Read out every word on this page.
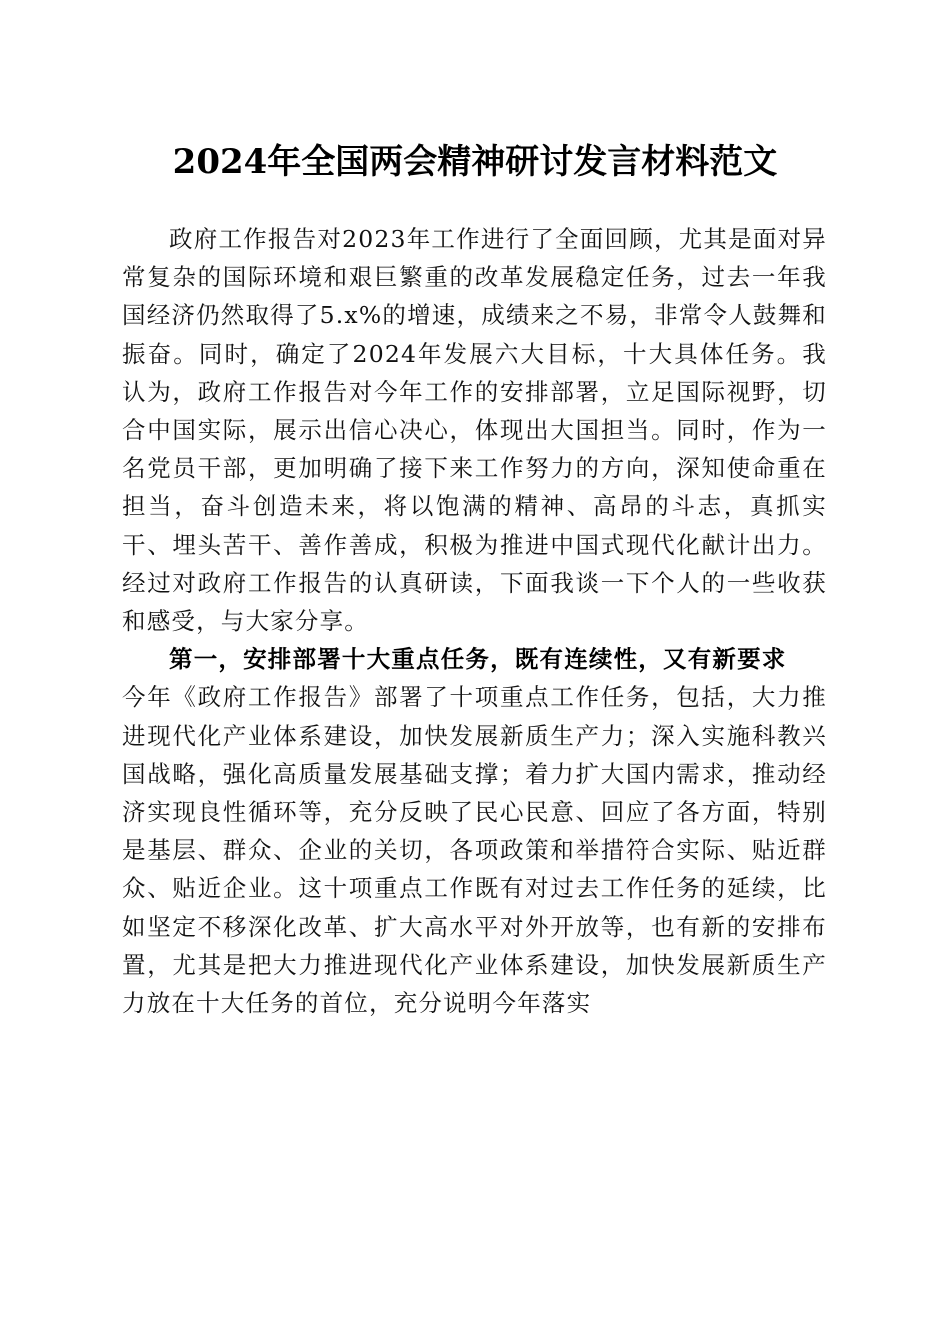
2024年全国两会精神研讨发言材料范文

政府工作报告对2023年工作进行了全面回顾，尤其是面对异常复杂的国际环境和艰巨繁重的改革发展稳定任务，过去一年我国经济仍然取得了5.x%的增速，成绩来之不易，非常令人鼓舞和振奋。同时，确定了2024年发展六大目标，十大具体任务。我认为，政府工作报告对今年工作的安排部署，立足国际视野，切合中国实际，展示出信心决心，体现出大国担当。同时，作为一名党员干部，更加明确了接下来工作努力的方向，深知使命重在担当，奋斗创造未来，将以饱满的精神、高昂的斗志，真抓实干、埋头苦干、善作善成，积极为推进中国式现代化献计出力。经过对政府工作报告的认真研读，下面我谈一下个人的一些收获和感受，与大家分享。

第一，安排部署十大重点任务，既有连续性，又有新要求

今年《政府工作报告》部署了十项重点工作任务，包括，大力推进现代化产业体系建设，加快发展新质生产力；深入实施科教兴国战略，强化高质量发展基础支撑；着力扩大国内需求，推动经济实现良性循环等，充分反映了民心民意、回应了各方面，特别是基层、群众、企业的关切，各项政策和举措符合实际、贴近群众、贴近企业。这十项重点工作既有对过去工作任务的延续，比如坚定不移深化改革、扩大高水平对外开放等，也有新的安排布置，尤其是把大力推进现代化产业体系建设，加快发展新质生产力放在十大任务的首位，充分说明今年落实
